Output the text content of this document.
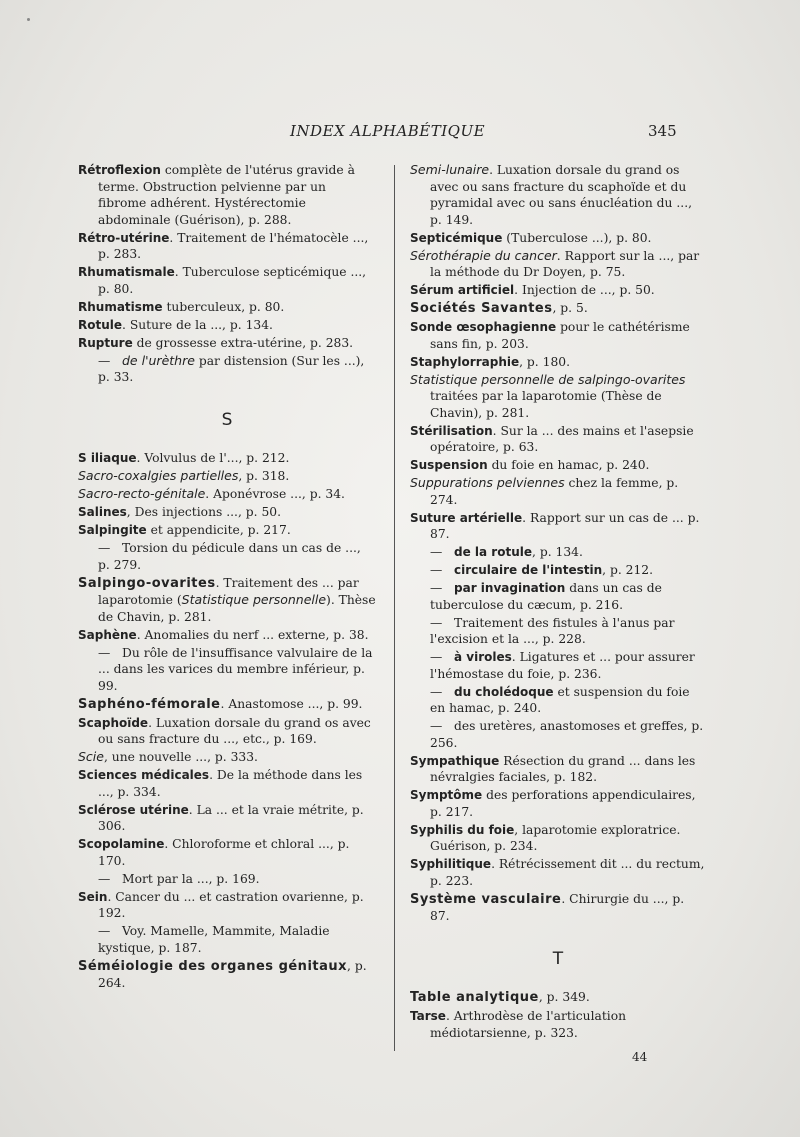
INDEX ALPHABÉTIQUE	345
Rétroflexion complète de l'utérus gravide à terme. Obstruction pelvienne par un fibrome adhérent. Hystérectomie abdominale (Guérison), p. 288.
Rétro-utérine. Traitement de l'hématocèle ..., p. 283.
Rhumatismale. Tuberculose septicémique ..., p. 80.
Rhumatisme tuberculeux, p. 80.
Rotule. Suture de la ..., p. 134.
Rupture de grossesse extra-utérine, p. 283.
— de l'urèthre par distension (Sur les ...), p. 33.
S
S iliaque. Volvulus de l'..., p. 212.
Sacro-coxalgies partielles, p. 318.
Sacro-recto-génitale. Aponévrose ..., p. 34.
Salines, Des injections ..., p. 50.
Salpingite et appendicite, p. 217.
— Torsion du pédicule dans un cas de ..., p. 279.
Salpingo-ovarites. Traitement des ... par laparotomie (Statistique personnelle). Thèse de Chavin, p. 281.
Saphène. Anomalies du nerf ... externe, p. 38.
— Du rôle de l'insuffisance valvulaire de la ... dans les varices du membre inférieur, p. 99.
Saphéno-fémorale. Anastomose ..., p. 99.
Scaphoïde. Luxation dorsale du grand os avec ou sans fracture du ..., etc., p. 169.
Scie, une nouvelle ..., p. 333.
Sciences médicales. De la méthode dans les ..., p. 334.
Sclérose utérine. La ... et la vraie métrite, p. 306.
Scopolamine. Chloroforme et chloral ..., p. 170.
— Mort par la ..., p. 169.
Sein. Cancer du ... et castration ovarienne, p. 192.
— Voy. Mamelle, Mammite, Maladie kystique, p. 187.
Séméiologie des organes génitaux, p. 264.
Semi-lunaire. Luxation dorsale du grand os avec ou sans fracture du scaphoïde et du pyramidal avec ou sans énucléation du ..., p. 149.
Septicémique (Tuberculose ...), p. 80.
Sérothérapie du cancer. Rapport sur la ..., par la méthode du Dr Doyen, p. 75.
Sérum artificiel. Injection de ..., p. 50.
Sociétés Savantes, p. 5.
Sonde œsophagienne pour le cathétérisme sans fin, p. 203.
Staphylorraphie, p. 180.
Statistique personnelle de salpingo-ovarites traitées par la laparotomie (Thèse de Chavin), p. 281.
Stérilisation. Sur la ... des mains et l'asepsie opératoire, p. 63.
Suspension du foie en hamac, p. 240.
Suppurations pelviennes chez la femme, p. 274.
Suture artérielle. Rapport sur un cas de ... p. 87.
— de la rotule, p. 134.
— circulaire de l'intestin, p. 212.
— par invagination dans un cas de tuberculose du cæcum, p. 216.
— Traitement des fistules à l'anus par l'excision et la ..., p. 228.
— à viroles. Ligatures et ... pour assurer l'hémostase du foie, p. 236.
— du cholédoque et suspension du foie en hamac, p. 240.
— des uretères, anastomoses et greffes, p. 256.
Sympathique Résection du grand ... dans les névralgies faciales, p. 182.
Symptôme des perforations appendiculaires, p. 217.
Syphilis du foie, laparotomie exploratrice. Guérison, p. 234.
Syphilitique. Rétrécissement dit ... du rectum, p. 223.
Système vasculaire. Chirurgie du ..., p. 87.
T
Table analytique, p. 349.
Tarse. Arthrodèse de l'articulation médiotarsienne, p. 323.
44
